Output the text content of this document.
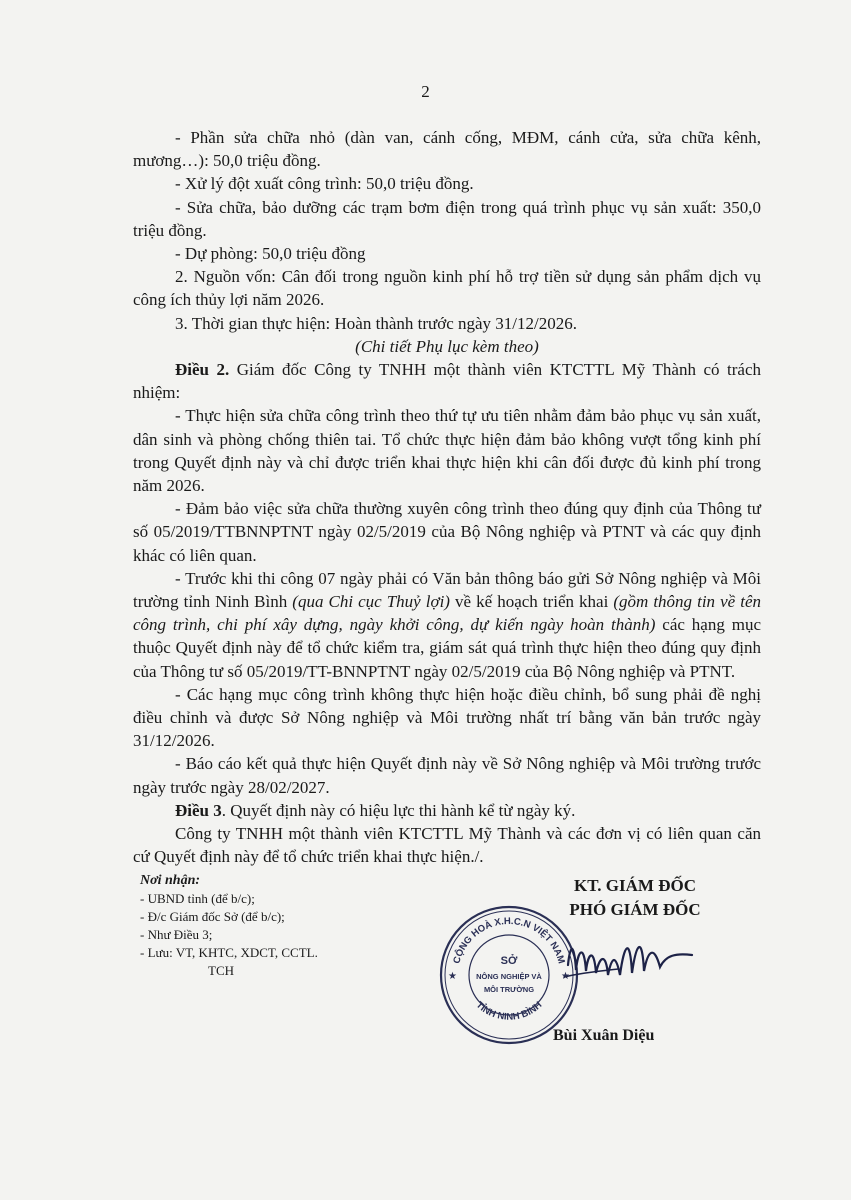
2

- Phần sửa chữa nhỏ (dàn van, cánh cống, MĐM, cánh cửa, sửa chữa kênh, mương…): 50,0 triệu đồng.

- Xử lý đột xuất công trình: 50,0 triệu đồng.

- Sửa chữa, bảo dưỡng các trạm bơm điện trong quá trình phục vụ sản xuất: 350,0 triệu đồng.

- Dự phòng: 50,0 triệu đồng

2. Nguồn vốn: Cân đối trong nguồn kinh phí hỗ trợ tiền sử dụng sản phẩm dịch vụ công ích thủy lợi năm 2026.

3. Thời gian thực hiện: Hoàn thành trước ngày 31/12/2026.

(Chi tiết Phụ lục kèm theo)

Điều 2. Giám đốc Công ty TNHH một thành viên KTCTTL Mỹ Thành có trách nhiệm:

- Thực hiện sửa chữa công trình theo thứ tự ưu tiên nhằm đảm bảo phục vụ sản xuất, dân sinh và phòng chống thiên tai. Tổ chức thực hiện đảm bảo không vượt tổng kinh phí trong Quyết định này và chỉ được triển khai thực hiện khi cân đối được đủ kinh phí trong năm 2026.

- Đảm bảo việc sửa chữa thường xuyên công trình theo đúng quy định của Thông tư số 05/2019/TTBNNPTNT ngày 02/5/2019 của Bộ Nông nghiệp và PTNT và các quy định khác có liên quan.

- Trước khi thi công 07 ngày phải có Văn bản thông báo gửi Sở Nông nghiệp và Môi trường tỉnh Ninh Bình (qua Chi cục Thuỷ lợi) về kế hoạch triển khai (gồm thông tin về tên công trình, chi phí xây dựng, ngày khởi công, dự kiến ngày hoàn thành) các hạng mục thuộc Quyết định này để tổ chức kiểm tra, giám sát quá trình thực hiện theo đúng quy định của Thông tư số 05/2019/TT-BNNPTNT ngày 02/5/2019 của Bộ Nông nghiệp và PTNT.

- Các hạng mục công trình không thực hiện hoặc điều chỉnh, bổ sung phải đề nghị điều chỉnh và được Sở Nông nghiệp và Môi trường nhất trí bằng văn bản trước ngày 31/12/2026.

- Báo cáo kết quả thực hiện Quyết định này về Sở Nông nghiệp và Môi trường trước ngày trước ngày 28/02/2027.

Điều 3. Quyết định này có hiệu lực thi hành kể từ ngày ký.

Công ty TNHH một thành viên KTCTTL Mỹ Thành và các đơn vị có liên quan căn cứ Quyết định này để tổ chức triển khai thực hiện./.

Nơi nhận:
- UBND tỉnh (để b/c);
- Đ/c Giám đốc Sở (để b/c);
- Như Điều 3;
- Lưu: VT, KHTC, XDCT, CCTL.
TCH
KT. GIÁM ĐỐC
PHÓ GIÁM ĐỐC
CỘNG HOÀ X.H.C.N VIỆT NAM
TỈNH NINH BÌNH
★	★
SỞ
NÔNG NGHIỆP VÀ
MÔI TRƯỜNG
Bùi Xuân Diệu
